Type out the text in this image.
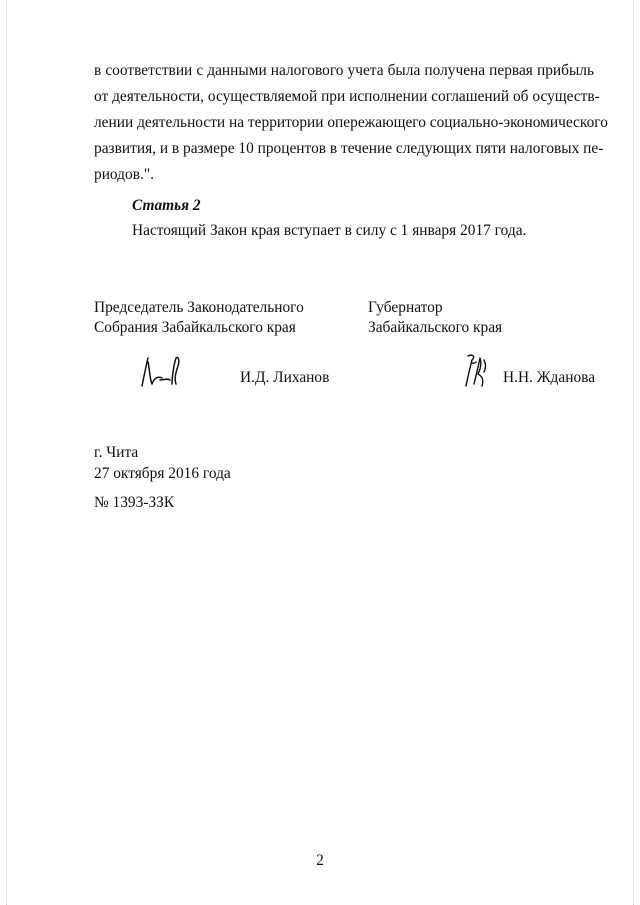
в соответствии с данными налогового учета была получена первая прибыль
от деятельности, осуществляемой при исполнении соглашений об осуществ-
лении деятельности на территории опережающего социально-экономического
развития, и в размере 10 процентов в течение следующих пяти налоговых пе-
риодов.".
Статья 2
Настоящий Закон края вступает в силу с 1 января 2017 года.
Председатель Законодательного
Собрания Забайкальского края
И.Д. Лиханов
Губернатор
Забайкальского края
Н.Н. Жданова
г. Чита
27 октября 2016 года
№ 1393-ЗЗК
2
